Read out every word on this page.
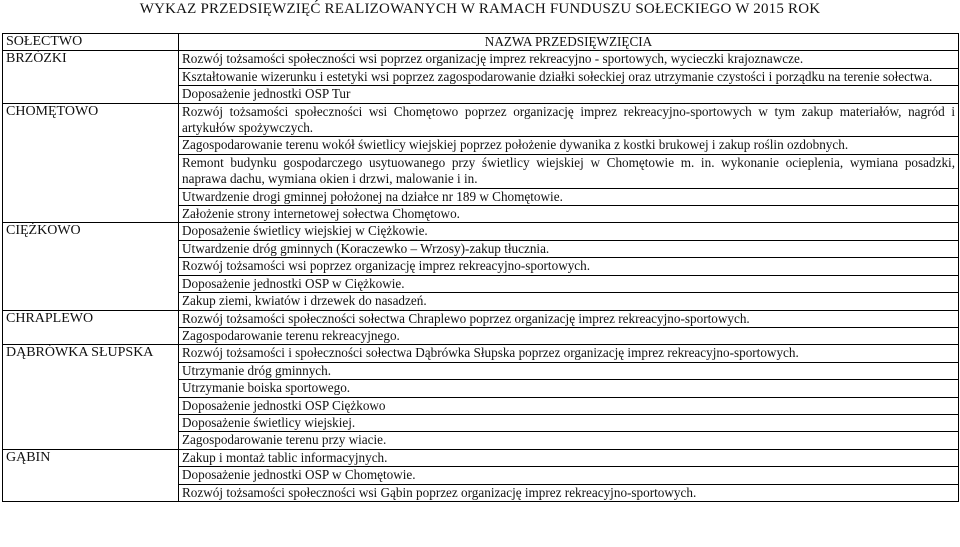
WYKAZ PRZEDSIĘWZIĘĆ REALIZOWANYCH W RAMACH FUNDUSZU SOŁECKIEGO W 2015 ROK
SOŁECTWO	NAZWA PRZEDSIĘWZIĘCIA
BRZÓZKI	Rozwój tożsamości społeczności wsi poprzez organizację imprez rekreacyjno - sportowych, wycieczki krajoznawcze.

	Kształtowanie wizerunku i estetyki wsi poprzez zagospodarowanie działki sołeckiej oraz utrzymanie czystości i porządku na terenie sołectwa.

	Doposażenie jednostki OSP Tur

CHOMĘTOWO	Rozwój tożsamości społeczności wsi Chomętowo poprzez organizację imprez rekreacyjno-sportowych w tym zakup materiałów, nagród i artykułów spożywczych.

	Zagospodarowanie terenu wokół świetlicy wiejskiej poprzez położenie dywanika z kostki brukowej i zakup roślin ozdobnych.

	Remont budynku gospodarczego usytuowanego przy świetlicy wiejskiej w Chomętowie m. in. wykonanie ocieplenia, wymiana posadzki, naprawa dachu, wymiana okien i drzwi, malowanie i in.

	Utwardzenie drogi gminnej położonej na działce nr 189 w Chomętowie.

	Założenie strony internetowej sołectwa Chomętowo.

CIĘŻKOWO	Doposażenie świetlicy wiejskiej w Ciężkowie.

	Utwardzenie dróg gminnych (Koraczewko – Wrzosy)-zakup tłucznia.

	Rozwój tożsamości wsi poprzez organizację imprez rekreacyjno-sportowych.

	Doposażenie jednostki OSP w Ciężkowie.

	Zakup ziemi, kwiatów i drzewek do nasadzeń.

CHRAPLEWO	Rozwój tożsamości społeczności sołectwa Chraplewo poprzez organizację imprez rekreacyjno-sportowych.

	Zagospodarowanie terenu rekreacyjnego.

DĄBRÓWKA SŁUPSKA	Rozwój tożsamości i społeczności sołectwa Dąbrówka Słupska poprzez organizację imprez rekreacyjno-sportowych.

	Utrzymanie dróg gminnych.

	Utrzymanie boiska sportowego.

	Doposażenie jednostki OSP Ciężkowo

	Doposażenie świetlicy wiejskiej.

	Zagospodarowanie terenu przy wiacie.

GĄBIN	Zakup i montaż tablic informacyjnych.

	Doposażenie jednostki OSP w Chomętowie.

	Rozwój tożsamości społeczności wsi Gąbin poprzez organizację imprez rekreacyjno-sportowych.
